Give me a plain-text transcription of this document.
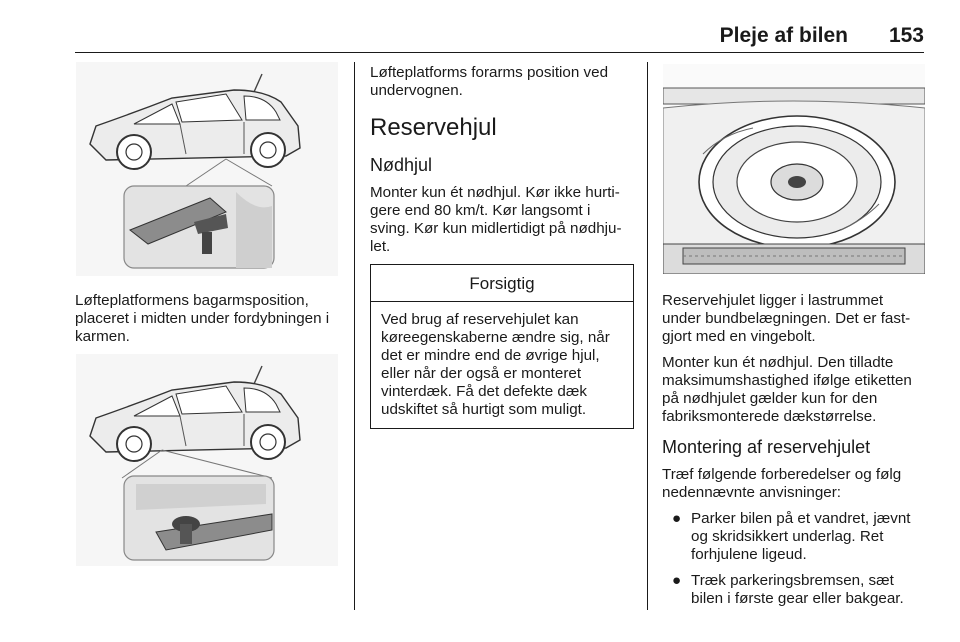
Pleje af bilen 153

Løfteplatformens bagarmsposition, placeret i midten under fordybningen i karmen.

Løfteplatforms forarms position ved undervognen.

Reservehjul
Nødhjul

Monter kun ét nødhjul. Kør ikke hurtigere end 80 km/t. Kør langsomt i sving. Kør kun midlertidigt på nødhjulet.

Forsigtig
Ved brug af reservehjulet kan køreegenskaberne ændre sig, når det er mindre end de øvrige hjul, eller når der også er monteret vinterdæk. Få det defekte dæk udskiftet så hurtigt som muligt.

Reservehjulet ligger i lastrummet under bundbelægningen. Det er fastgjort med en vingebolt.

Monter kun ét nødhjul. Den tilladte maksimumshastighed ifølge etiketten på nødhjulet gælder kun for den fabriksmonterede dækstørrelse.

Montering af reservehjulet

Træf følgende forberedelser og følg nedennævnte anvisninger:

● Parker bilen på et vandret, jævnt og skridsikkert underlag. Ret forhjulene ligeud.
● Træk parkeringsbremsen, sæt bilen i første gear eller bakgear.
